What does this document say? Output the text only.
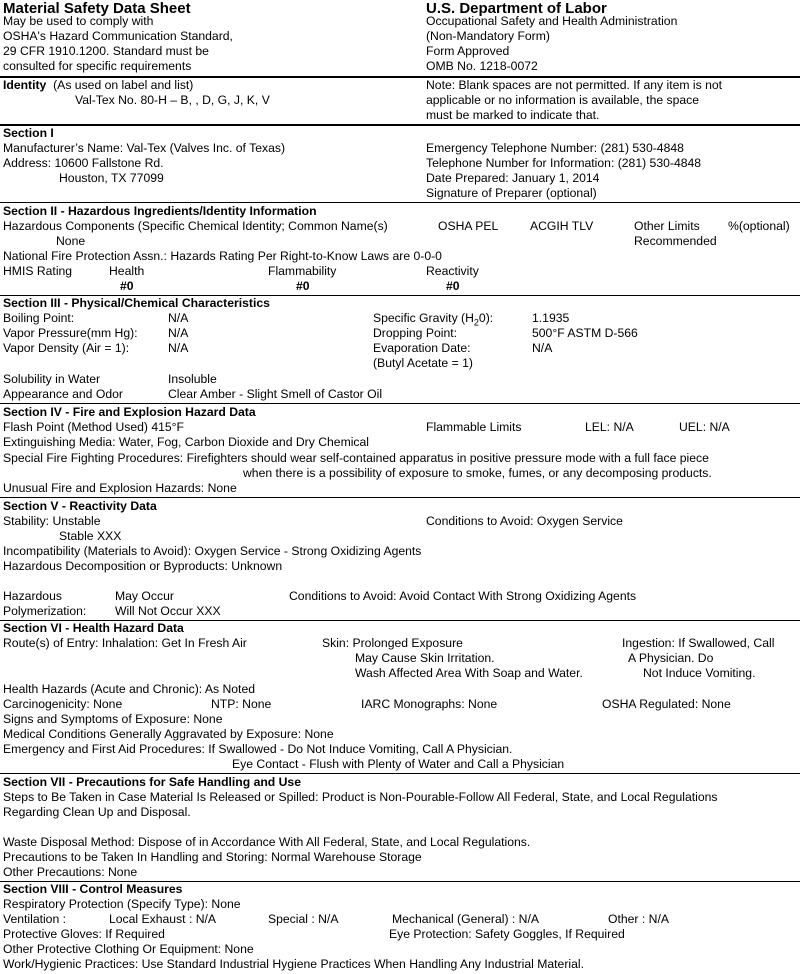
Material Safety Data Sheet
May be used to comply with
OSHA's Hazard Communication Standard,
29 CFR 1910.1200. Standard must be
consulted for specific requirements
U.S. Department of Labor
Occupational Safety and Health Administration
(Non-Mandatory Form)
Form Approved
OMB No. 1218-0072
Identity (As used on label and list)
Val-Tex No. 80-H – B, , D, G, J, K, V
Note: Blank spaces are not permitted. If any item is not
applicable or no information is available, the space
must be marked to indicate that.
Section I
Manufacturer’s Name: Val-Tex (Valves Inc. of Texas)
Address: 10600 Fallstone Rd.
Houston, TX 77099
Emergency Telephone Number: (281) 530-4848
Telephone Number for Information: (281) 530-4848
Date Prepared: January 1, 2014
Signature of Preparer (optional)
Section II - Hazardous Ingredients/Identity Information
Hazardous Components (Specific Chemical Identity; Common Name(s)	OSHA PEL	ACGIH TLV	Other Limits %(optional)
None	Recommended
National Fire Protection Assn.: Hazards Rating Per Right-to-Know Laws are 0-0-0
HMIS Rating	Health	Flammability	Reactivity
#0	#0	#0
Section III - Physical/Chemical Characteristics
Boiling Point:	N/A
Vapor Pressure(mm Hg): N/A
Vapor Density (Air = 1):	N/A
Specific Gravity $(H_20)$:	1.1935
Dropping Point:	500°F ASTM D-566
Evaporation Date:	N/A
(Butyl Acetate = 1)
Solubility in Water	Insoluble
Appearance and Odor	Clear Amber - Slight Smell of Castor Oil
Section IV - Fire and Explosion Hazard Data
Flash Point (Method Used) 415°F	Flammable Limits	LEL: N/A	UEL: N/A
Extinguishing Media: Water, Fog, Carbon Dioxide and Dry Chemical
Special Fire Fighting Procedures: Firefighters should wear self-contained apparatus in positive pressure mode with a full face piece
when there is a possibility of exposure to smoke, fumes, or any decomposing products.
Unusual Fire and Explosion Hazards: None
Section V - Reactivity Data
Stability: Unstable	Conditions to Avoid: Oxygen Service
Stable XXX
Incompatibility (Materials to Avoid): Oxygen Service - Strong Oxidizing Agents
Hazardous Decomposition or Byproducts: Unknown
Hazardous	May Occur	Conditions to Avoid: Avoid Contact With Strong Oxidizing Agents
Polymerization: Will Not Occur XXX
Section VI - Health Hazard Data
Route(s) of Entry: Inhalation: Get In Fresh Air	Skin: Prolonged Exposure
May Cause Skin Irritation.
Wash Affected Area With Soap and Water.
Ingestion: If Swallowed, Call
A Physician. Do
Not Induce Vomiting.
Health Hazards (Acute and Chronic): As Noted
Carcinogenicity: None	NTP: None	IARC Monographs: None	OSHA Regulated: None
Signs and Symptoms of Exposure: None
Medical Conditions Generally Aggravated by Exposure: None
Emergency and First Aid Procedures: If Swallowed - Do Not Induce Vomiting, Call A Physician.
Eye Contact - Flush with Plenty of Water and Call a Physician
Section VII - Precautions for Safe Handling and Use
Steps to Be Taken in Case Material Is Released or Spilled: Product is Non-Pourable-Follow All Federal, State, and Local Regulations
Regarding Clean Up and Disposal.
Waste Disposal Method: Dispose of in Accordance With All Federal, State, and Local Regulations.
Precautions to be Taken In Handling and Storing: Normal Warehouse Storage
Other Precautions: None
Section VIII - Control Measures
Respiratory Protection (Specify Type): None
Ventilation :	Local Exhaust : N/A	Special : N/A	Mechanical (General) : N/A	Other : N/A
Protective Gloves: If Required	Eye Protection: Safety Goggles, If Required
Other Protective Clothing Or Equipment: None
Work/Hygienic Practices: Use Standard Industrial Hygiene Practices When Handling Any Industrial Material.
